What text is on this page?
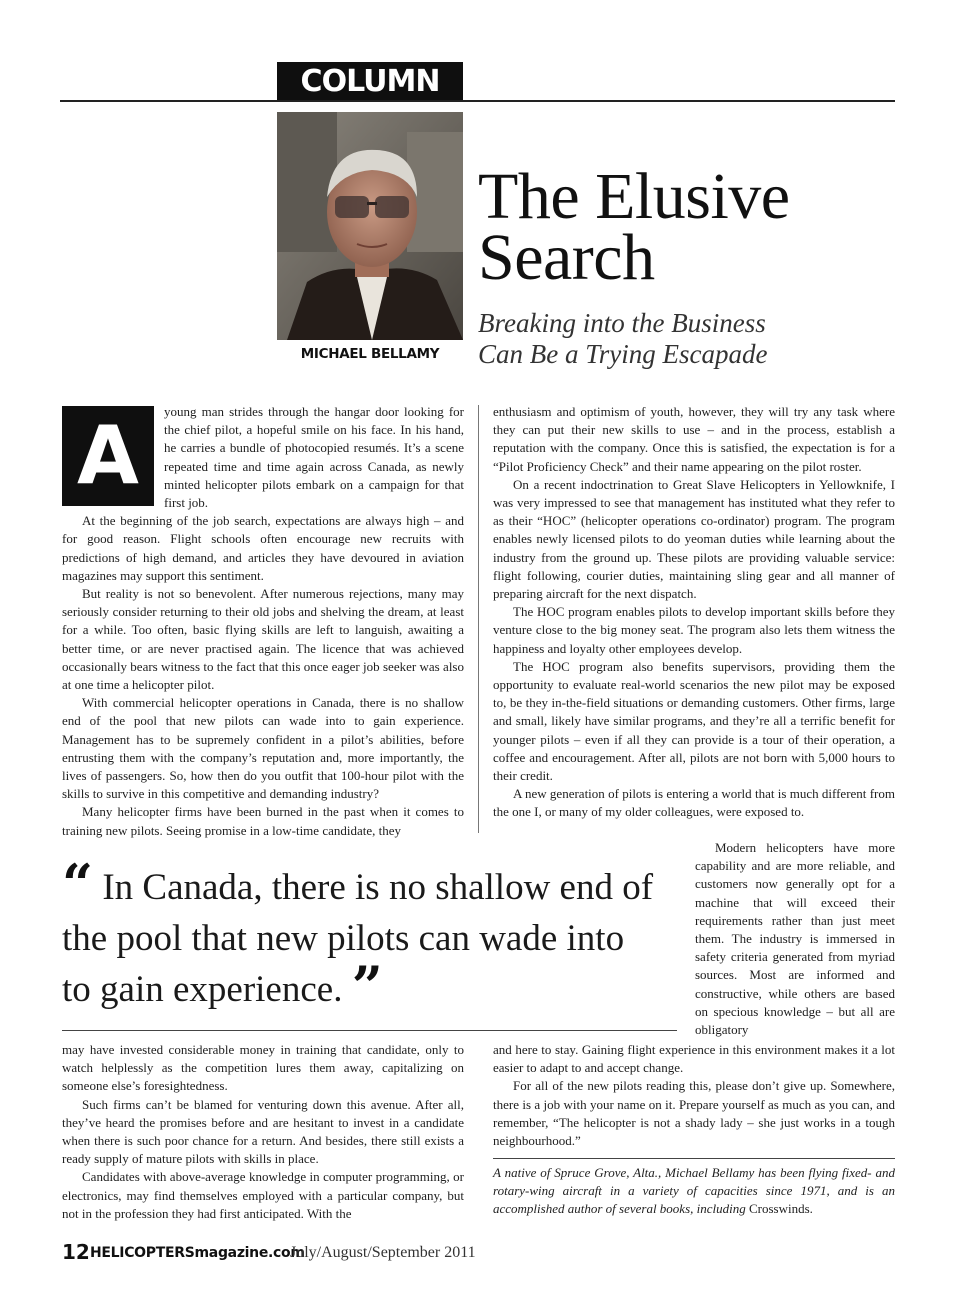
COLUMN
MICHAEL BELLAMY
The Elusive
Search
Breaking into the Business
Can Be a Trying Escapade

A	young man strides through the hangar door looking for the chief pilot, a hopeful smile on his face. In his hand, he carries a bundle of photocopied resumés. It’s a scene repeated time and time again across Canada, as newly minted helicopter pilots embark on a campaign for that first job.

At the beginning of the job search, expectations are always high – and for good reason. Flight schools often encourage new recruits with predictions of high demand, and articles they have devoured in aviation magazines may support this sentiment.

But reality is not so benevolent. After numerous rejections, many may seriously consider returning to their old jobs and shelving the dream, at least for a while. Too often, basic flying skills are left to languish, awaiting a better time, or are never practised again. The licence that was achieved occasionally bears witness to the fact that this once eager job seeker was also at one time a helicopter pilot.

With commercial helicopter operations in Canada, there is no shallow end of the pool that new pilots can wade into to gain experience. Management has to be supremely confident in a pilot’s abilities, before entrusting them with the company’s reputation and, more importantly, the lives of passengers. So, how then do you outfit that 100-hour pilot with the skills to survive in this competitive and demanding industry?

Many helicopter firms have been burned in the past when it comes to training new pilots. Seeing promise in a low-time candidate, they

enthusiasm and optimism of youth, however, they will try any task where they can put their new skills to use – and in the process, establish a reputation with the company. Once this is satisfied, the expectation is for a “Pilot Proficiency Check” and their name appearing on the pilot roster.

On a recent indoctrination to Great Slave Helicopters in Yellowknife, I was very impressed to see that management has instituted what they refer to as their “HOC” (helicopter operations co-ordinator) program. The program enables newly licensed pilots to do yeoman duties while learning about the industry from the ground up. These pilots are providing valuable service: flight following, courier duties, maintaining sling gear and all manner of preparing aircraft for the next dispatch.

The HOC program enables pilots to develop important skills before they venture close to the big money seat. The program also lets them witness the happiness and loyalty other employees develop.

The HOC program also benefits supervisors, providing them the opportunity to evaluate real-world scenarios the new pilot may be exposed to, be they in-the-field situations or demanding customers. Other firms, large and small, likely have similar programs, and they’re all a terrific benefit for younger pilots – even if all they can provide is a tour of their operation, a coffee and encouragement. After all, pilots are not born with 5,000 hours to their credit.

A new generation of pilots is entering a world that is much different from the one I, or many of my older colleagues, were exposed to.

“ In Canada, there is no shallow end of the pool that new pilots can wade into to gain experience. ”

Modern helicopters have more capability and are more reliable, and customers now generally opt for a machine that will exceed their requirements rather than just meet them. The industry is immersed in safety criteria generated from myriad sources. Most are informed and constructive, while others are based on specious knowledge – but all are obligatory

may have invested considerable money in training that candidate, only to watch helplessly as the competition lures them away, capitalizing on someone else’s foresightedness.

Such firms can’t be blamed for venturing down this avenue. After all, they’ve heard the promises before and are hesitant to invest in a candidate when there is such poor chance for a return. And besides, there still exists a ready supply of mature pilots with skills in place.

Candidates with above-average knowledge in computer programming, or electronics, may find themselves employed with a particular company, but not in the profession they had first anticipated. With the

and here to stay. Gaining flight experience in this environment makes it a lot easier to adapt to and accept change.

For all of the new pilots reading this, please don’t give up. Somewhere, there is a job with your name on it. Prepare yourself as much as you can, and remember, “The helicopter is not a shady lady – she just works in a tough neighbourhood.”

A native of Spruce Grove, Alta., Michael Bellamy has been flying fixed- and rotary-wing aircraft in a variety of capacities since 1971, and is an accomplished author of several books, including Crosswinds.
12 HELICOPTERSmagazine.com
July/August/September 2011
